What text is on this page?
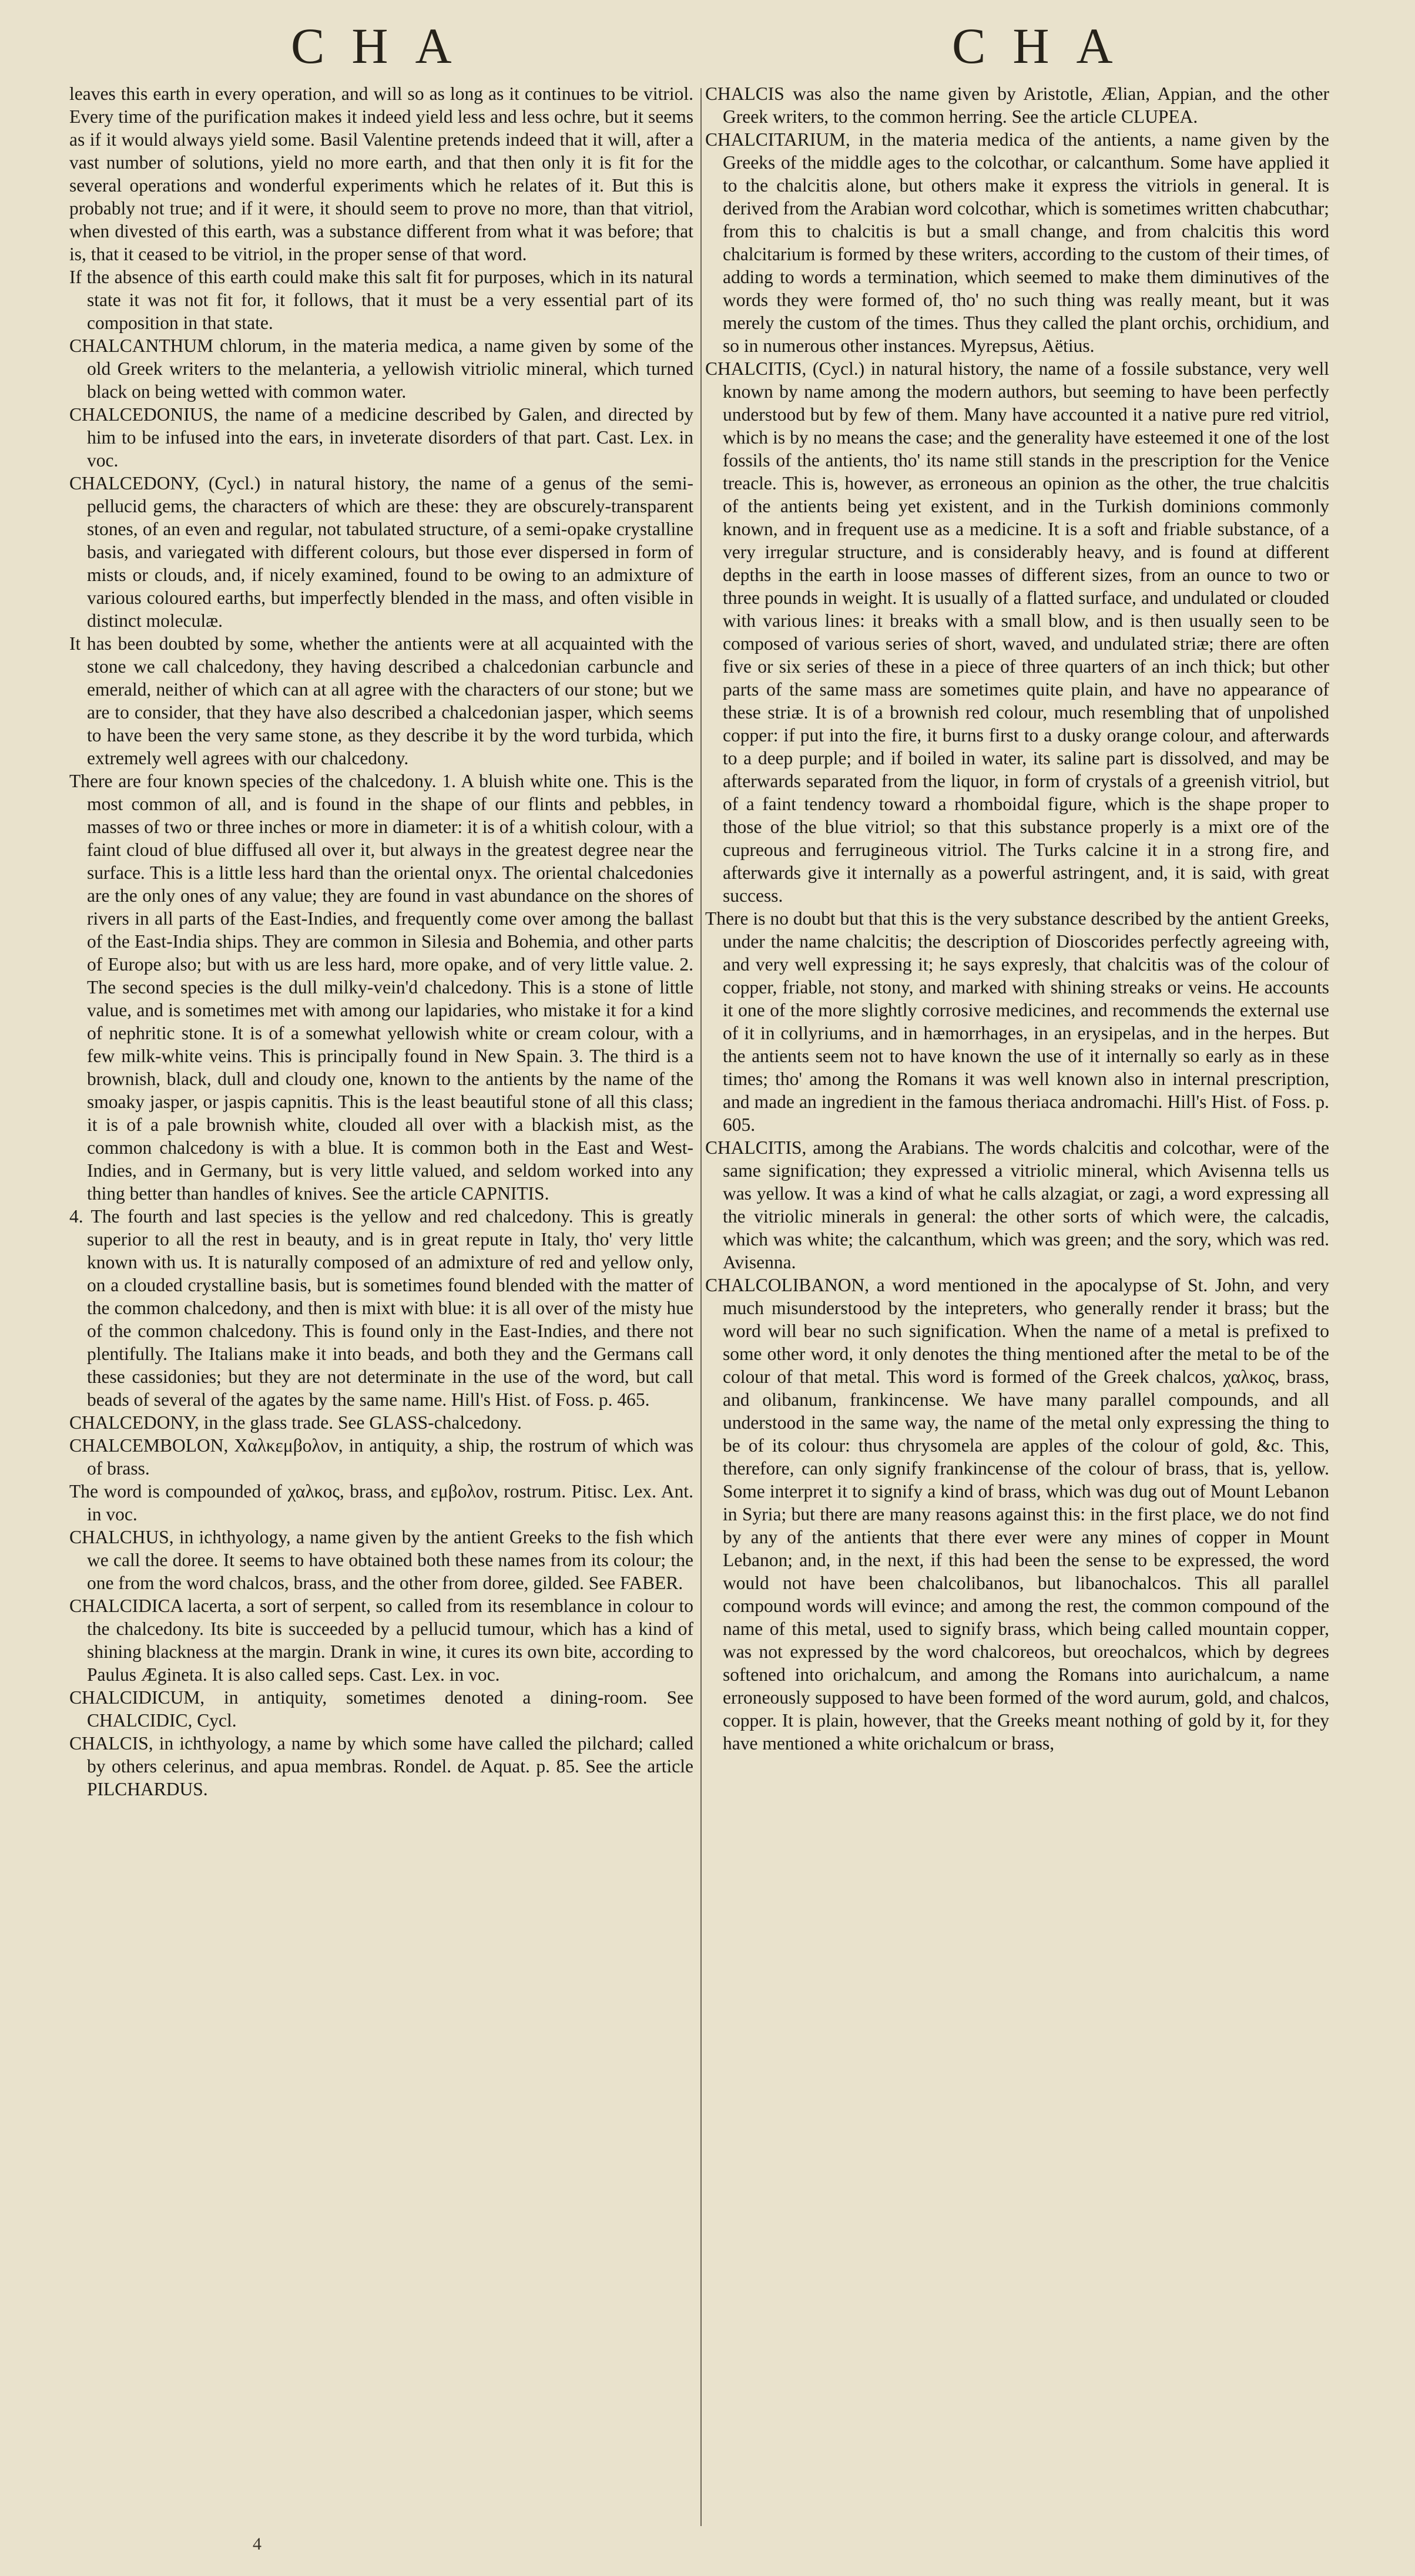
CHA	CHA

leaves this earth in every operation, and will so as long as it continues to be vitriol. Every time of the purification makes it indeed yield less and less ochre, but it seems as if it would always yield some. Basil Valentine pretends indeed that it will, after a vast number of solutions, yield no more earth, and that then only it is fit for the several operations and wonderful experiments which he relates of it. But this is probably not true; and if it were, it should seem to prove no more, than that vitriol, when divested of this earth, was a substance different from what it was before; that is, that it ceased to be vitriol, in the proper sense of that word.

If the absence of this earth could make this salt fit for purposes, which in its natural state it was not fit for, it follows, that it must be a very essential part of its composition in that state.

CHALCANTHUM chlorum, in the materia medica, a name given by some of the old Greek writers to the melanteria, a yellowish vitriolic mineral, which turned black on being wetted with common water.

CHALCEDONIUS, the name of a medicine described by Galen, and directed by him to be infused into the ears, in inveterate disorders of that part. Cast. Lex. in voc.

CHALCEDONY, (Cycl.) in natural history, the name of a genus of the semi-pellucid gems, the characters of which are these: they are obscurely-transparent stones, of an even and regular, not tabulated structure, of a semi-opake crystalline basis, and variegated with different colours, but those ever dispersed in form of mists or clouds, and, if nicely examined, found to be owing to an admixture of various coloured earths, but imperfectly blended in the mass, and often visible in distinct moleculæ.

It has been doubted by some, whether the antients were at all acquainted with the stone we call chalcedony, they having described a chalcedonian carbuncle and emerald, neither of which can at all agree with the characters of our stone; but we are to consider, that they have also described a chalcedonian jasper, which seems to have been the very same stone, as they describe it by the word turbida, which extremely well agrees with our chalcedony.

There are four known species of the chalcedony. 1. A bluish white one. This is the most common of all, and is found in the shape of our flints and pebbles, in masses of two or three inches or more in diameter: it is of a whitish colour, with a faint cloud of blue diffused all over it, but always in the greatest degree near the surface. This is a little less hard than the oriental onyx. The oriental chalcedonies are the only ones of any value; they are found in vast abundance on the shores of rivers in all parts of the East-Indies, and frequently come over among the ballast of the East-India ships. They are common in Silesia and Bohemia, and other parts of Europe also; but with us are less hard, more opake, and of very little value. 2. The second species is the dull milky-vein'd chalcedony. This is a stone of little value, and is sometimes met with among our lapidaries, who mistake it for a kind of nephritic stone. It is of a somewhat yellowish white or cream colour, with a few milk-white veins. This is principally found in New Spain. 3. The third is a brownish, black, dull and cloudy one, known to the antients by the name of the smoaky jasper, or jaspis capnitis. This is the least beautiful stone of all this class; it is of a pale brownish white, clouded all over with a blackish mist, as the common chalcedony is with a blue. It is common both in the East and West-Indies, and in Germany, but is very little valued, and seldom worked into any thing better than handles of knives. See the article CAPNITIS.

4. The fourth and last species is the yellow and red chalcedony. This is greatly superior to all the rest in beauty, and is in great repute in Italy, tho' very little known with us. It is naturally composed of an admixture of red and yellow only, on a clouded crystalline basis, but is sometimes found blended with the matter of the common chalcedony, and then is mixt with blue: it is all over of the misty hue of the common chalcedony. This is found only in the East-Indies, and there not plentifully. The Italians make it into beads, and both they and the Germans call these cassidonies; but they are not determinate in the use of the word, but call beads of several of the agates by the same name. Hill's Hist. of Foss. p. 465.

CHALCEDONY, in the glass trade. See GLASS-chalcedony.

CHALCEMBOLON, Χαλκεμβολον, in antiquity, a ship, the rostrum of which was of brass.

The word is compounded of χαλκος, brass, and εμβολον, rostrum. Pitisc. Lex. Ant. in voc.

CHALCHUS, in ichthyology, a name given by the antient Greeks to the fish which we call the doree. It seems to have obtained both these names from its colour; the one from the word chalcos, brass, and the other from doree, gilded. See FABER.

CHALCIDICA lacerta, a sort of serpent, so called from its resemblance in colour to the chalcedony. Its bite is succeeded by a pellucid tumour, which has a kind of shining blackness at the margin. Drank in wine, it cures its own bite, according to Paulus Ægineta. It is also called seps. Cast. Lex. in voc.

CHALCIDICUM, in antiquity, sometimes denoted a dining-room. See CHALCIDIC, Cycl.

CHALCIS, in ichthyology, a name by which some have called the pilchard; called by others celerinus, and apua membras. Rondel. de Aquat. p. 85. See the article PILCHARDUS.

CHALCIS was also the name given by Aristotle, Ælian, Appian, and the other Greek writers, to the common herring. See the article CLUPEA.

CHALCITARIUM, in the materia medica of the antients, a name given by the Greeks of the middle ages to the colcothar, or calcanthum. Some have applied it to the chalcitis alone, but others make it express the vitriols in general. It is derived from the Arabian word colcothar, which is sometimes written chabcuthar; from this to chalcitis is but a small change, and from chalcitis this word chalcitarium is formed by these writers, according to the custom of their times, of adding to words a termination, which seemed to make them diminutives of the words they were formed of, tho' no such thing was really meant, but it was merely the custom of the times. Thus they called the plant orchis, orchidium, and so in numerous other instances. Myrepsus, Aëtius.

CHALCITIS, (Cycl.) in natural history, the name of a fossile substance, very well known by name among the modern authors, but seeming to have been perfectly understood but by few of them. Many have accounted it a native pure red vitriol, which is by no means the case; and the generality have esteemed it one of the lost fossils of the antients, tho' its name still stands in the prescription for the Venice treacle. This is, however, as erroneous an opinion as the other, the true chalcitis of the antients being yet existent, and in the Turkish dominions commonly known, and in frequent use as a medicine. It is a soft and friable substance, of a very irregular structure, and is considerably heavy, and is found at different depths in the earth in loose masses of different sizes, from an ounce to two or three pounds in weight. It is usually of a flatted surface, and undulated or clouded with various lines: it breaks with a small blow, and is then usually seen to be composed of various series of short, waved, and undulated striæ; there are often five or six series of these in a piece of three quarters of an inch thick; but other parts of the same mass are sometimes quite plain, and have no appearance of these striæ. It is of a brownish red colour, much resembling that of unpolished copper: if put into the fire, it burns first to a dusky orange colour, and afterwards to a deep purple; and if boiled in water, its saline part is dissolved, and may be afterwards separated from the liquor, in form of crystals of a greenish vitriol, but of a faint tendency toward a rhomboidal figure, which is the shape proper to those of the blue vitriol; so that this substance properly is a mixt ore of the cupreous and ferrugineous vitriol. The Turks calcine it in a strong fire, and afterwards give it internally as a powerful astringent, and, it is said, with great success.

There is no doubt but that this is the very substance described by the antient Greeks, under the name chalcitis; the description of Dioscorides perfectly agreeing with, and very well expressing it; he says expresly, that chalcitis was of the colour of copper, friable, not stony, and marked with shining streaks or veins. He accounts it one of the more slightly corrosive medicines, and recommends the external use of it in collyriums, and in hæmorrhages, in an erysipelas, and in the herpes. But the antients seem not to have known the use of it internally so early as in these times; tho' among the Romans it was well known also in internal prescription, and made an ingredient in the famous theriaca andromachi. Hill's Hist. of Foss. p. 605.

CHALCITIS, among the Arabians. The words chalcitis and colcothar, were of the same signification; they expressed a vitriolic mineral, which Avisenna tells us was yellow. It was a kind of what he calls alzagiat, or zagi, a word expressing all the vitriolic minerals in general: the other sorts of which were, the calcadis, which was white; the calcanthum, which was green; and the sory, which was red. Avisenna.

CHALCOLIBANON, a word mentioned in the apocalypse of St. John, and very much misunderstood by the intepreters, who generally render it brass; but the word will bear no such signification. When the name of a metal is prefixed to some other word, it only denotes the thing mentioned after the metal to be of the colour of that metal. This word is formed of the Greek chalcos, χαλκος, brass, and olibanum, frankincense. We have many parallel compounds, and all understood in the same way, the name of the metal only expressing the thing to be of its colour: thus chrysomela are apples of the colour of gold, &c. This, therefore, can only signify frankincense of the colour of brass, that is, yellow. Some interpret it to signify a kind of brass, which was dug out of Mount Lebanon in Syria; but there are many reasons against this: in the first place, we do not find by any of the antients that there ever were any mines of copper in Mount Lebanon; and, in the next, if this had been the sense to be expressed, the word would not have been chalcolibanos, but libanochalcos. This all parallel compound words will evince; and among the rest, the common compound of the name of this metal, used to signify brass, which being called mountain copper, was not expressed by the word chalcoreos, but oreochalcos, which by degrees softened into orichalcum, and among the Romans into aurichalcum, a name erroneously supposed to have been formed of the word aurum, gold, and chalcos, copper. It is plain, however, that the Greeks meant nothing of gold by it, for they have mentioned a white orichalcum or brass,

4
